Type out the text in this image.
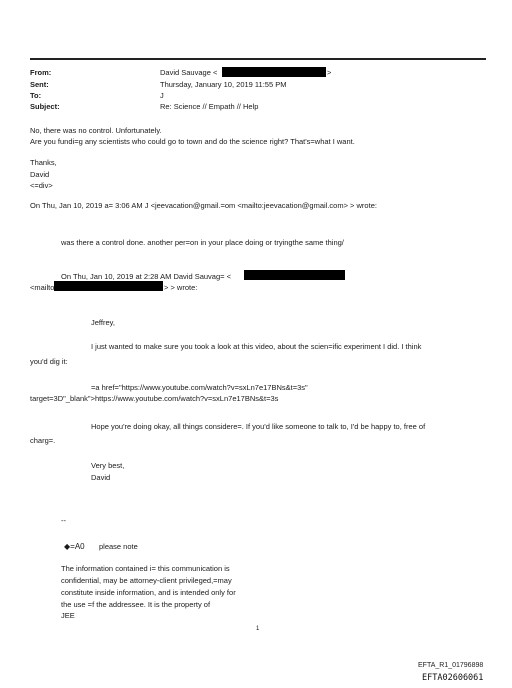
From:	David Sauvage <	>
Sent:	Thursday, January 10, 2019 11:55 PM
To:	J
Subject:	Re: Science // Empath // Help
No, there was no control. Unfortunately.
Are you fundi=g any scientists who could go to town and do the science right? That's=what I want.
Thanks,
David
<=div>
On Thu, Jan 10, 2019 a= 3:06 AM J <jeevacation@gmail.=om <mailto:jeevacation@gmail.com> > wrote:
was there a control done. another per=on in your place doing or tryingthe same thing/
On Thu, Jan 10, 2019 at 2:28 AM David Sauvag= <
<mailto	> > wrote:
Jeffrey,
I just wanted to make sure you took a look at this video, about the scien=ific experiment I did. I think
you'd dig it:
=a href="https://www.youtube.com/watch?v=sxLn7e17BNs&t=3s"
target=3D"_blank">https://www.youtube.com/watch?v=sxLn7e17BNs&t=3s
Hope you're doing okay, all things considere=. If you'd like someone to talk to, I'd be happy to, free of
charg=.
Very best,
David
--
◆=A0 please note
The information contained i= this communication is
confidential, may be attorney-client privileged,=may
constitute inside information, and is intended only for
the use =f the addressee. It is the property of
JEE
1
EFTA_R1_01796898
EFTA02606061
